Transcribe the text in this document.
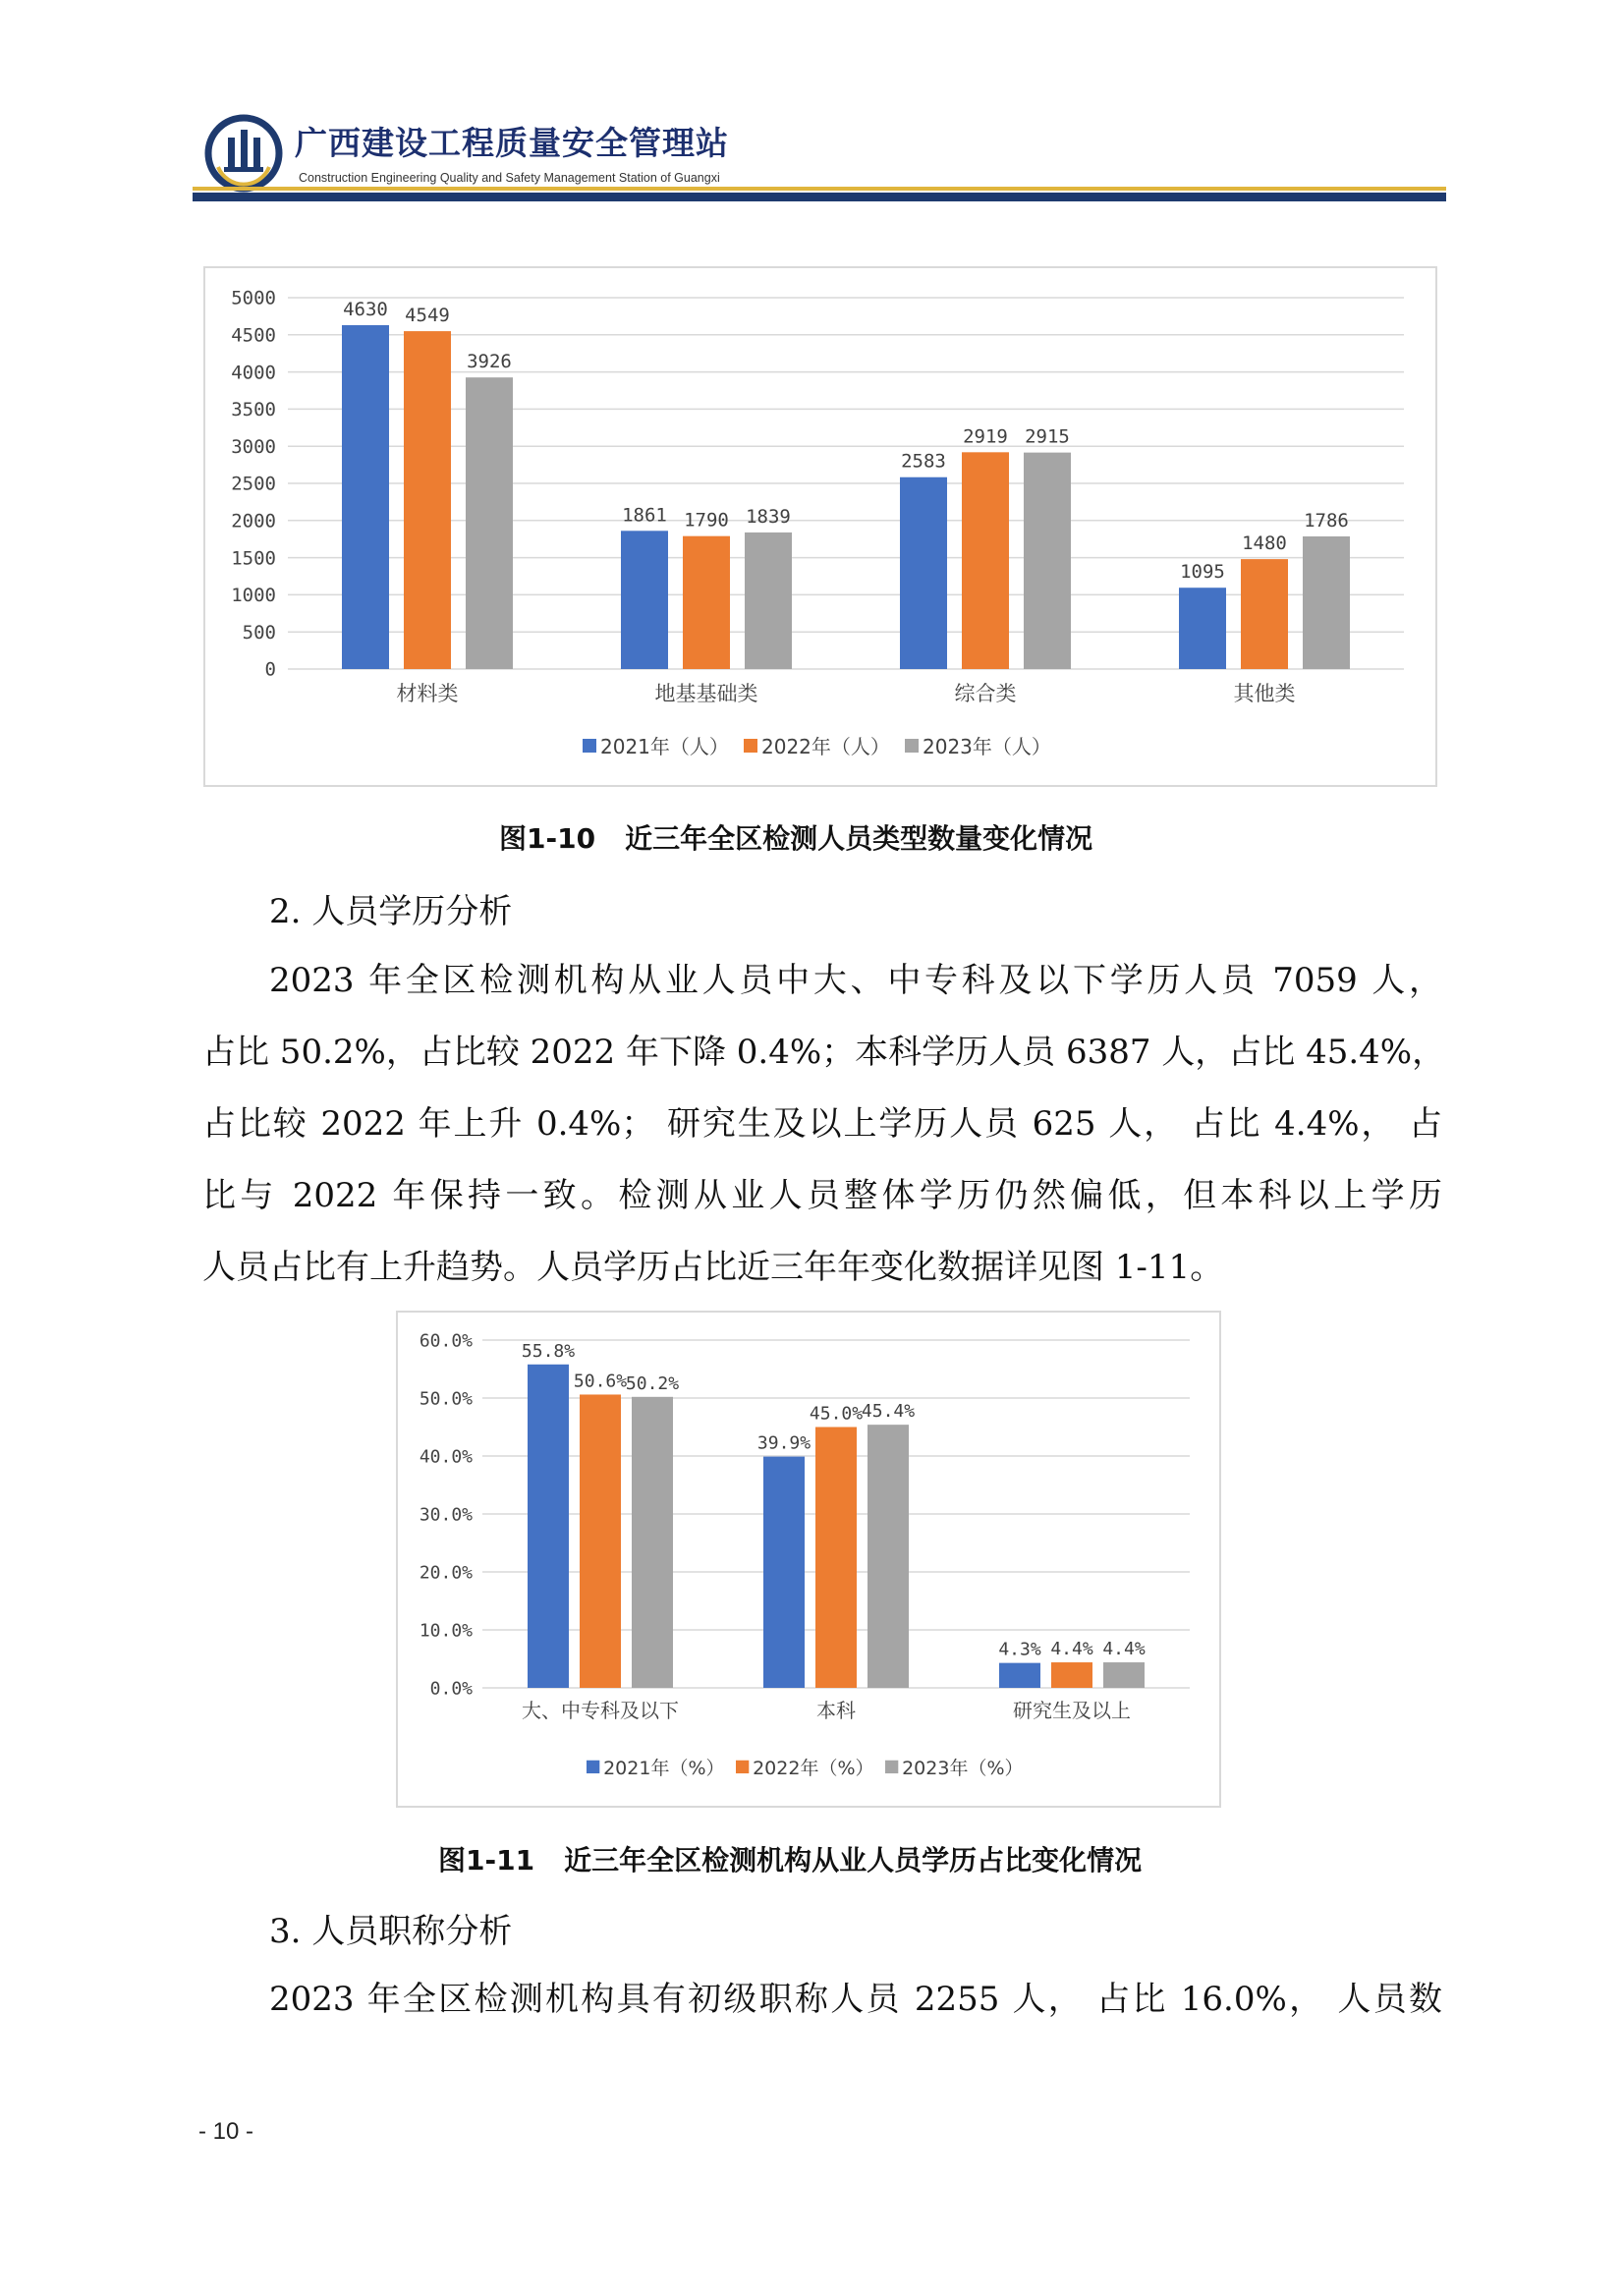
广西建设工程质量安全管理站
Construction Engineering Quality and Safety Management Station of Guangxi
0
500
1000
1500
2000
2500
3000
3500
4000
4500
5000
4630 4549
3926
材料类
1861 1790 1839
地基基础类
2583
2919 2915
综合类
1095
1480
1786
其他类
2021年（人） 2022年（人） 2023年（人）
图1-10 近三年全区检测人员类型数量变化情况
2. 人员学历分析
2023 年全区检测机构从业人员中大、中专科及以下学历人员 7059 人，
占比 50.2%，占比较 2022 年下降 0.4%；本科学历人员 6387 人，占比 45.4%，
占比较 2022 年上升 0.4%； 研究生及以上学历人员 625 人， 占比 4.4%， 占
比与 2022 年保持一致。检测从业人员整体学历仍然偏低，但本科以上学历
人员占比有上升趋势。人员学历占比近三年年变化数据详见图 1-11。
0.0%
10.0%
20.0%
30.0%
40.0%
50.0%
60.0%	55.8%
50.6%
50.2%
大、中专科及以下
39.9%
45.0%
45.4%
本科
4.3% 4.4% 4.4%
研究生及以上
2021年（%） 2022年（%） 2023年（%）
图1-11 近三年全区检测机构从业人员学历占比变化情况
3. 人员职称分析
2023 年全区检测机构具有初级职称人员 2255 人， 占比 16.0%， 人员数
- 10 -
